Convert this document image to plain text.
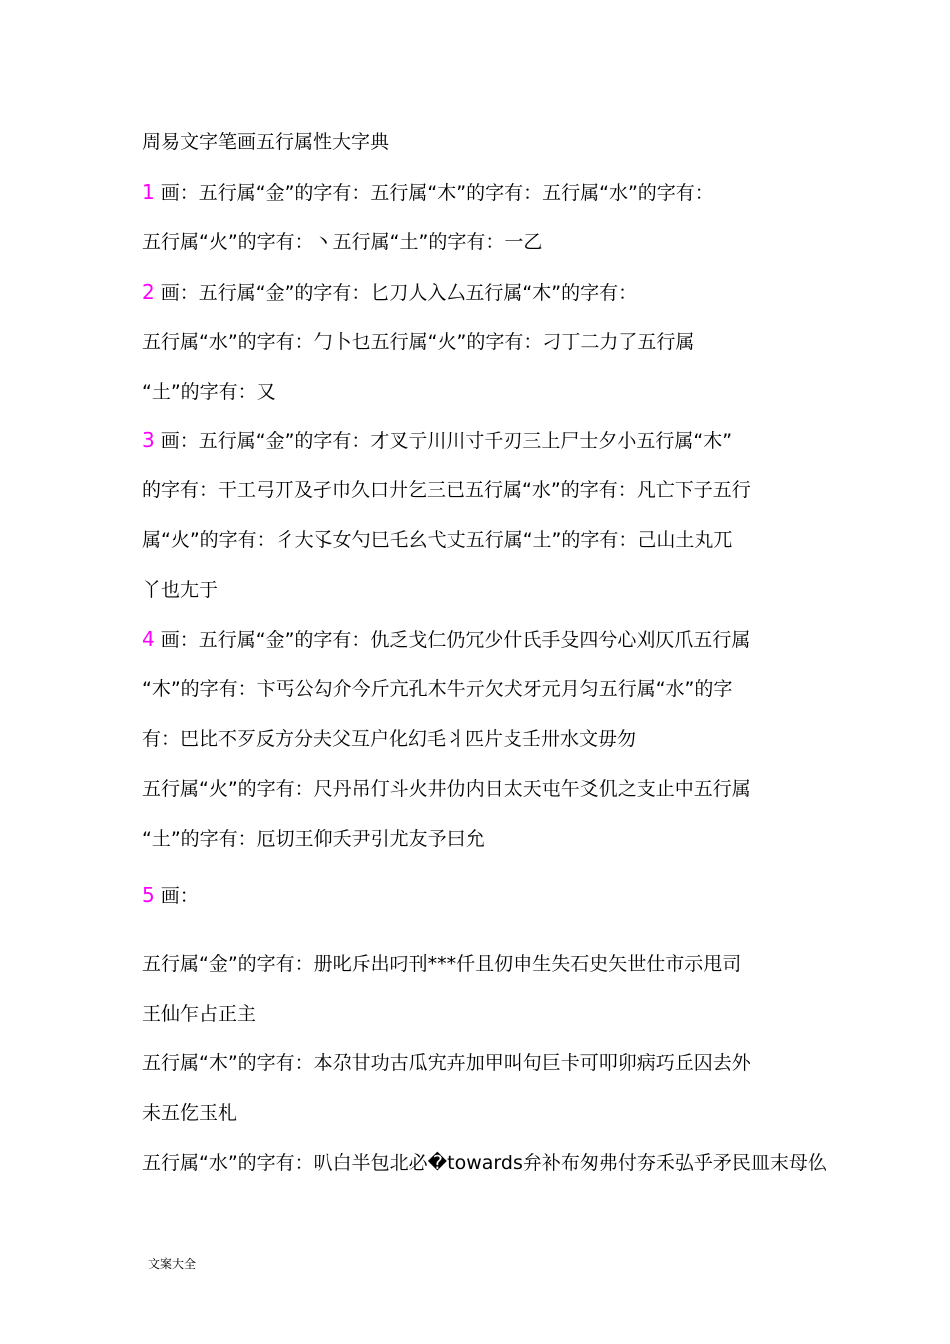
周易文字笔画五行属性大字典
1 画：五行属“金”的字有：五行属“木”的字有：五行属“水”的字有：
五行属“火”的字有：丶五行属“土”的字有：一乙
2 画：五行属“金”的字有：匕刀人入厶五行属“木”的字有：
五行属“水”的字有：勹卜乜五行属“火”的字有：刁丁二力了五行属
“土”的字有：又
3 画：五行属“金”的字有：才叉亍川川寸千刃三上尸士夕小五行属“木”
的字有：干工弓丌及孑巾久口廾乞三已五行属“水”的字有：凡亡下子五行
属“火”的字有：彳大孓女勺巳乇幺弋丈五行属“土”的字有：己山土丸兀
丫也尢于
4 画：五行属“金”的字有：仇乏戈仁仍冗少什氏手殳四兮心刈仄爪五行属
“木”的字有：卞丐公勾介今斤亢孔木牛亓欠犬牙元月匀五行属“水”的字
有：巴比不歹反方分夫父互户化幻毛丬匹片攴壬卅水文毋勿
五行属“火”的字有：尺丹吊仃斗火井仂内日太天屯午爻仉之支止中五行属
“土”的字有：厄切王仰夭尹引尤友予曰允
5 画：
五行属“金”的字有：册叱斥出叼刊***仟且仞申生失石史矢世仕市示甩司
王仙乍占正主
五行属“木”的字有：本尕甘功古瓜宄卉加甲叫句巨卡可叩卯病巧丘囚去外
未五仡玉札
五行属“水”的字有：叭白半包北必�towards弁补布匆弗付夯禾弘乎矛民皿末母仫
文案大全
